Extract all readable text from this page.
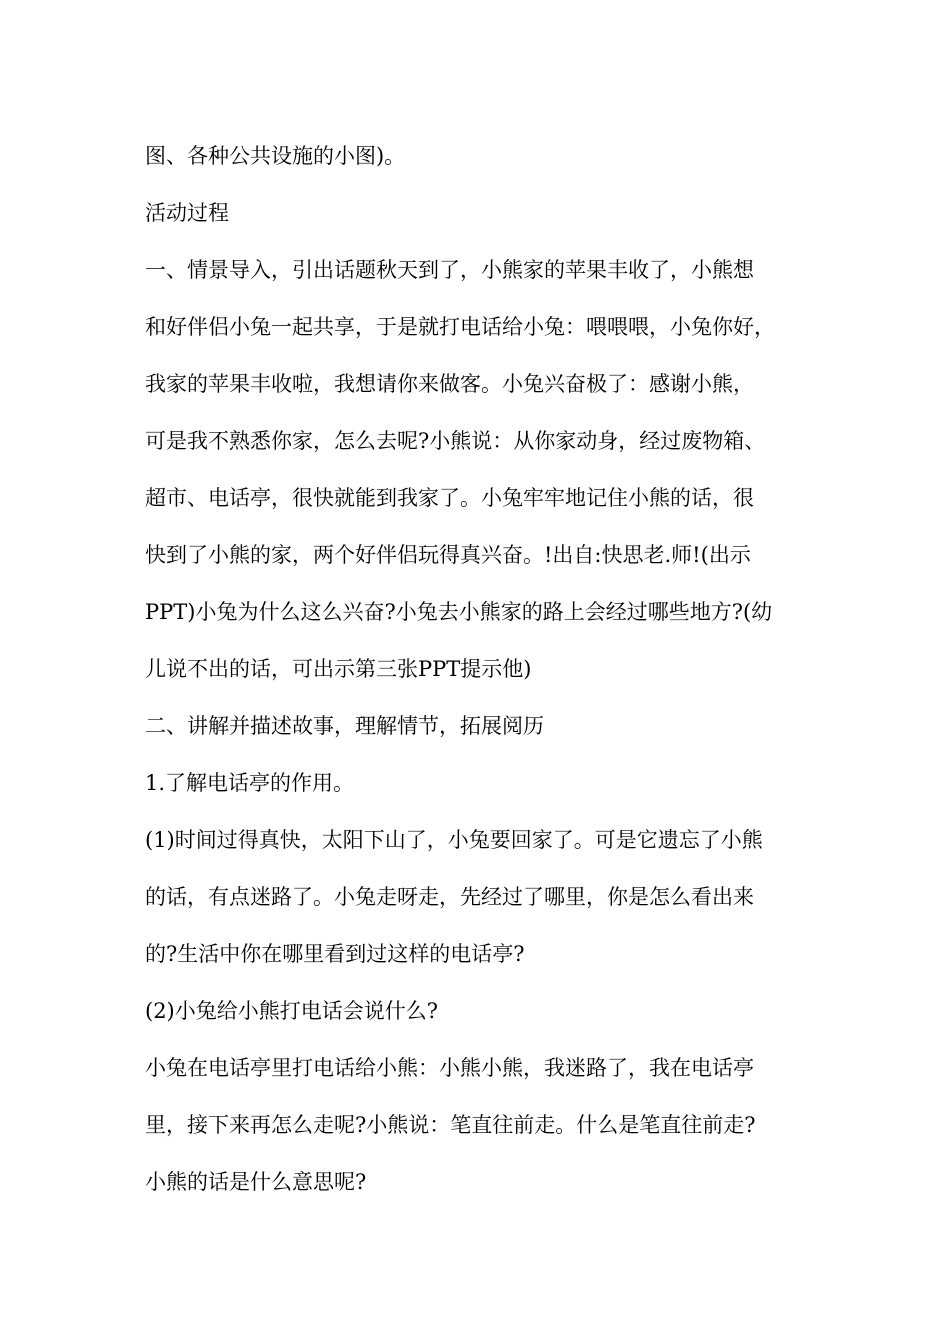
图、各种公共设施的小图)。
活动过程
一、情景导入，引出话题秋天到了，小熊家的苹果丰收了，小熊想
和好伴侣小兔一起共享，于是就打电话给小兔：喂喂喂，小兔你好，
我家的苹果丰收啦，我想请你来做客。小兔兴奋极了：感谢小熊，
可是我不熟悉你家，怎么去呢?小熊说：从你家动身，经过废物箱、
超市、电话亭，很快就能到我家了。小兔牢牢地记住小熊的话，很
快到了小熊的家，两个好伴侣玩得真兴奋。!出自:快思老.师!(出示
PPT)小兔为什么这么兴奋?小兔去小熊家的路上会经过哪些地方?(幼
儿说不出的话，可出示第三张PPT提示他)
二、讲解并描述故事，理解情节，拓展阅历
1.了解电话亭的作用。
(1)时间过得真快，太阳下山了，小兔要回家了。可是它遗忘了小熊
的话，有点迷路了。小兔走呀走，先经过了哪里，你是怎么看出来
的?生活中你在哪里看到过这样的电话亭?
(2)小兔给小熊打电话会说什么?
小兔在电话亭里打电话给小熊：小熊小熊，我迷路了，我在电话亭
里，接下来再怎么走呢?小熊说：笔直往前走。什么是笔直往前走?
小熊的话是什么意思呢?
